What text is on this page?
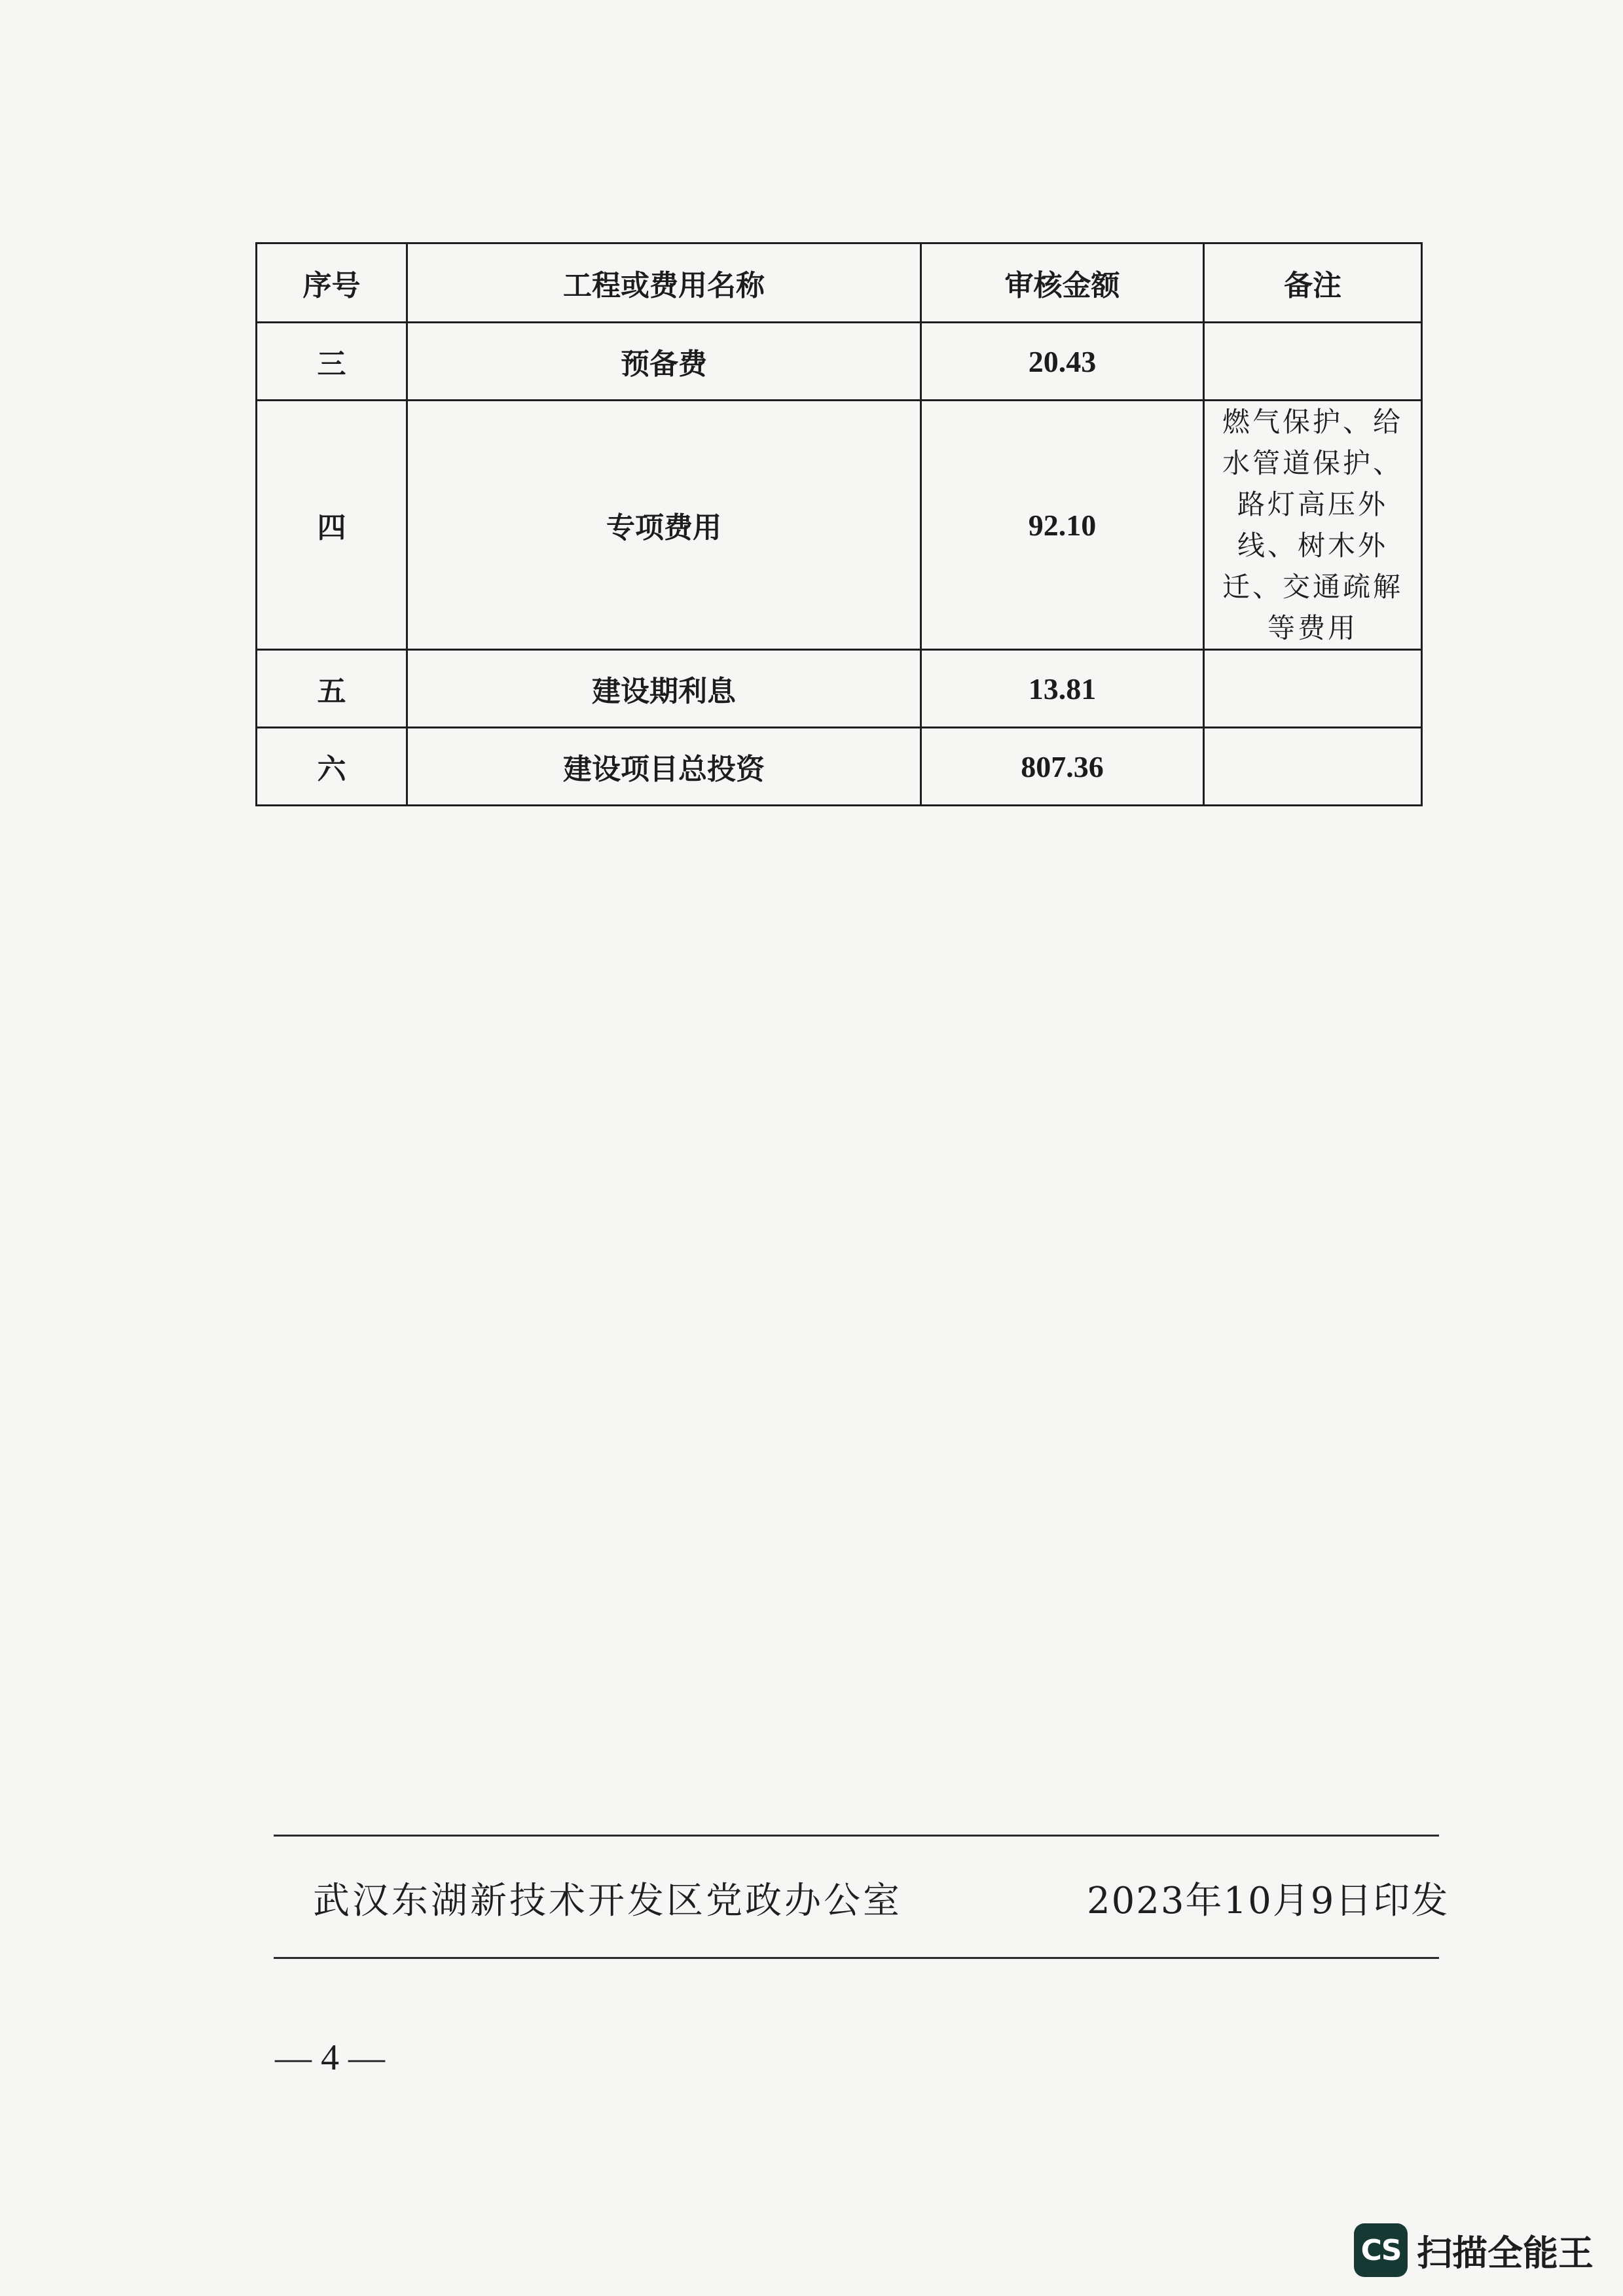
序号	工程或费用名称	审核金额	备注
三	预备费	20.43	
四	专项费用	92.10	燃气保护、给水管道保护、路灯高压外线、树木外迁、交通疏解等费用
五	建设期利息	13.81	
六	建设项目总投资	807.36	
武汉东湖新技术开发区党政办公室	2023年10月9日印发
— 4 —
CS 扫描全能王
